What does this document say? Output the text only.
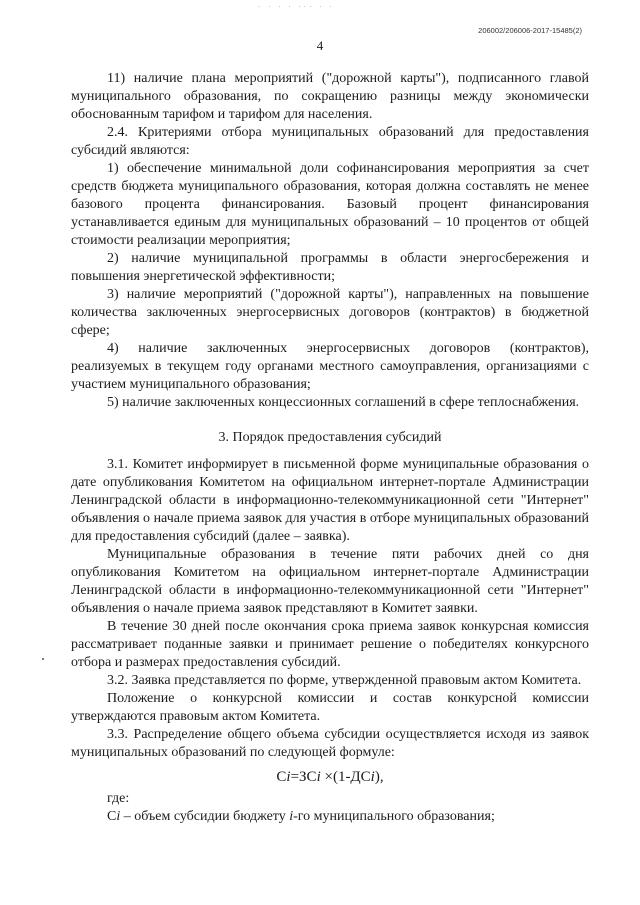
· · · · ··· · ·
206002/206006-2017-15485(2)
4

11) наличие плана мероприятий ("дорожной карты"), подписанного главой муниципального образования, по сокращению разницы между экономически обоснованным тарифом и тарифом для населения.

2.4. Критериями отбора муниципальных образований для предоставления субсидий являются:

1) обеспечение минимальной доли софинансирования мероприятия за счет средств бюджета муниципального образования, которая должна составлять не менее базового процента финансирования. Базовый процент финансирования устанавливается единым для муниципальных образований – 10 процентов от общей стоимости реализации мероприятия;

2) наличие муниципальной программы в области энергосбережения и повышения энергетической эффективности;

3) наличие мероприятий ("дорожной карты"), направленных на повышение количества заключенных энергосервисных договоров (контрактов) в бюджетной сфере;

4) наличие заключенных энергосервисных договоров (контрактов), реализуемых в текущем году органами местного самоуправления, организациями с участием муниципального образования;

5) наличие заключенных концессионных соглашений в сфере теплоснабжения.

3. Порядок предоставления субсидий

3.1. Комитет информирует в письменной форме муниципальные образования о дате опубликования Комитетом на официальном интернет-портале Администрации Ленинградской области в информационно-телекоммуникационной сети "Интернет" объявления о начале приема заявок для участия в отборе муниципальных образований для предоставления субсидий (далее – заявка).

Муниципальные образования в течение пяти рабочих дней со дня опубликования Комитетом на официальном интернет-портале Администрации Ленинградской области в информационно-телекоммуникационной сети "Интернет" объявления о начале приема заявок представляют в Комитет заявки.

В течение 30 дней после окончания срока приема заявок конкурсная комиссия рассматривает поданные заявки и принимает решение о победителях конкурсного отбора и размерах предоставления субсидий.

3.2. Заявка представляется по форме, утвержденной правовым актом Комитета.

Положение о конкурсной комиссии и состав конкурсной комиссии утверждаются правовым актом Комитета.

3.3. Распределение общего объема субсидии осуществляется исходя из заявок муниципальных образований по следующей формуле:

Ci=ЗСi ×(1-ДСi),

где:

Ci – объем субсидии бюджету i-го муниципального образования;
